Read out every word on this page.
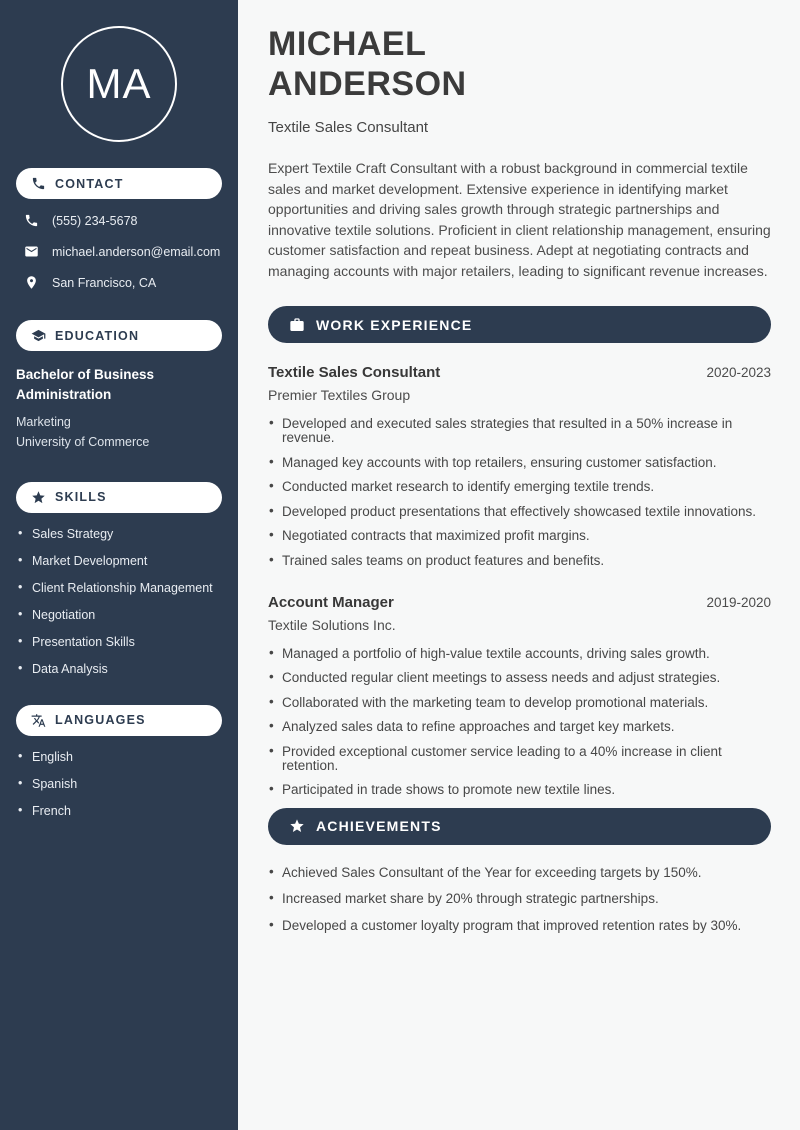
MA
CONTACT
(555) 234-5678
michael.anderson@email.com
San Francisco, CA
EDUCATION
Bachelor of Business Administration
Marketing
University of Commerce
SKILLS
• Sales Strategy
• Market Development
• Client Relationship Management
• Negotiation
• Presentation Skills
• Data Analysis
LANGUAGES
• English
• Spanish
• French
MICHAEL
ANDERSON
Textile Sales Consultant

Expert Textile Craft Consultant with a robust background in commercial textile sales and market development. Extensive experience in identifying market opportunities and driving sales growth through strategic partnerships and innovative textile solutions. Proficient in client relationship management, ensuring customer satisfaction and repeat business. Adept at negotiating contracts and managing accounts with major retailers, leading to significant revenue increases.

WORK EXPERIENCE
Textile Sales Consultant	2020-2023
Premier Textiles Group
• Developed and executed sales strategies that resulted in a 50% increase in revenue.
• Managed key accounts with top retailers, ensuring customer satisfaction.
• Conducted market research to identify emerging textile trends.
• Developed product presentations that effectively showcased textile innovations.
• Negotiated contracts that maximized profit margins.
• Trained sales teams on product features and benefits.
Account Manager	2019-2020
Textile Solutions Inc.
• Managed a portfolio of high-value textile accounts, driving sales growth.
• Conducted regular client meetings to assess needs and adjust strategies.
• Collaborated with the marketing team to develop promotional materials.
• Analyzed sales data to refine approaches and target key markets.
• Provided exceptional customer service leading to a 40% increase in client retention.
• Participated in trade shows to promote new textile lines.
ACHIEVEMENTS
• Achieved Sales Consultant of the Year for exceeding targets by 150%.
• Increased market share by 20% through strategic partnerships.
• Developed a customer loyalty program that improved retention rates by 30%.
